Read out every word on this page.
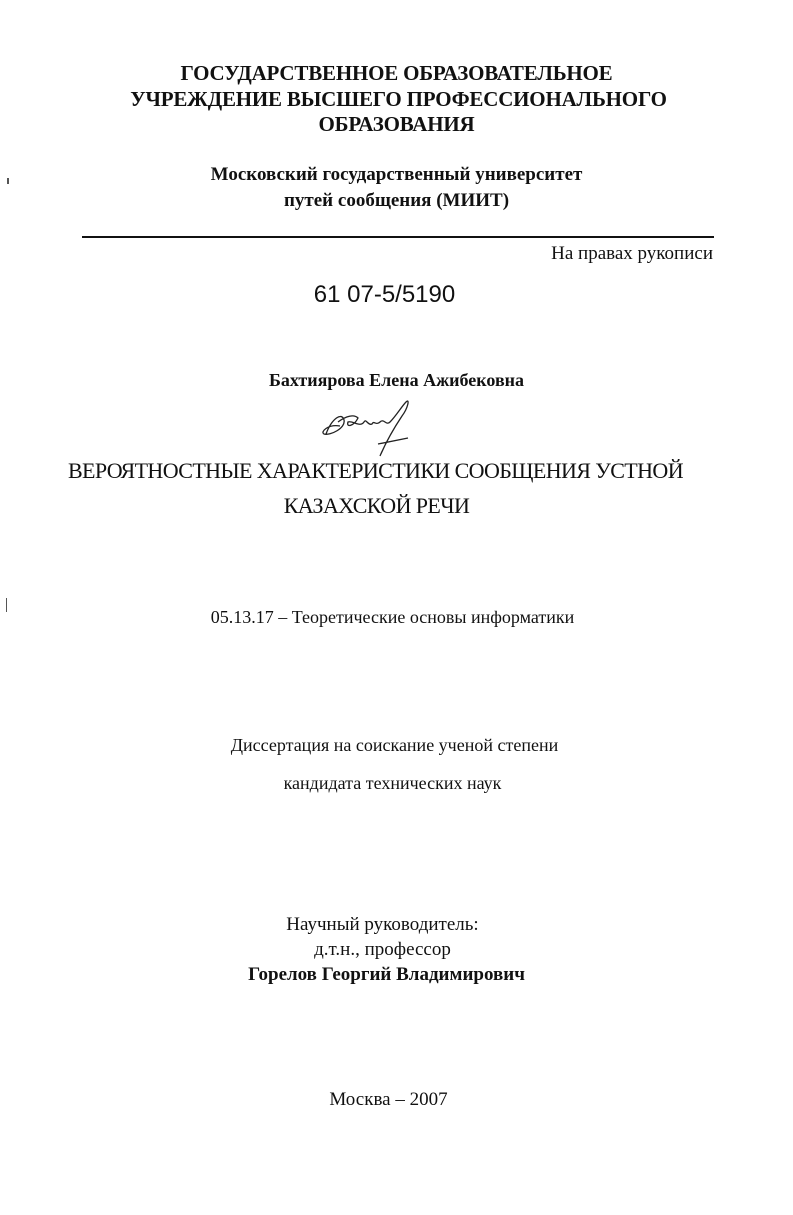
ГОСУДАРСТВЕННОЕ ОБРАЗОВАТЕЛЬНОЕ
УЧРЕЖДЕНИЕ ВЫСШЕГО ПРОФЕССИОНАЛЬНОГО
ОБРАЗОВАНИЯ
Московский государственный университет
путей сообщения (МИИТ)
На правах рукописи
61 07-5/5190
Бахтиярова Елена Ажибековна
ВЕРОЯТНОСТНЫЕ ХАРАКТЕРИСТИКИ СООБЩЕНИЯ УСТНОЙ
КАЗАХСКОЙ РЕЧИ
05.13.17 – Теоретические основы информатики
Диссертация на соискание ученой степени
кандидата технических наук
Научный руководитель:
д.т.н., профессор
Горелов Георгий Владимирович
Москва – 2007
